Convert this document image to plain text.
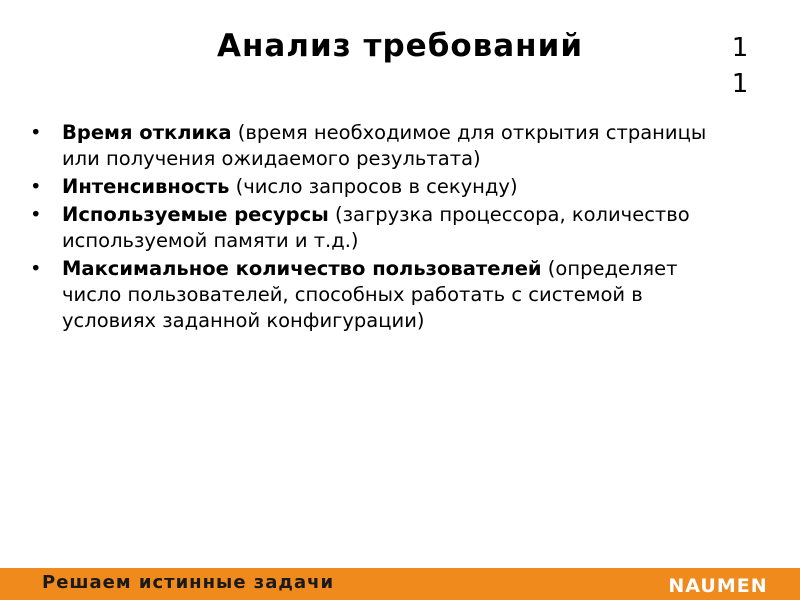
Анализ требований	1
1
•	Время отклика (время необходимое для открытия страницы или получения ожидаемого результата)
•	Интенсивность (число запросов в секунду)
•	Используемые ресурсы (загрузка процессора, количество используемой памяти и т.д.)
•	Максимальное количество пользователей (определяет число пользователей, способных работать с системой в условиях заданной конфигурации)
Решаем истинные задачи	NAUMEN
